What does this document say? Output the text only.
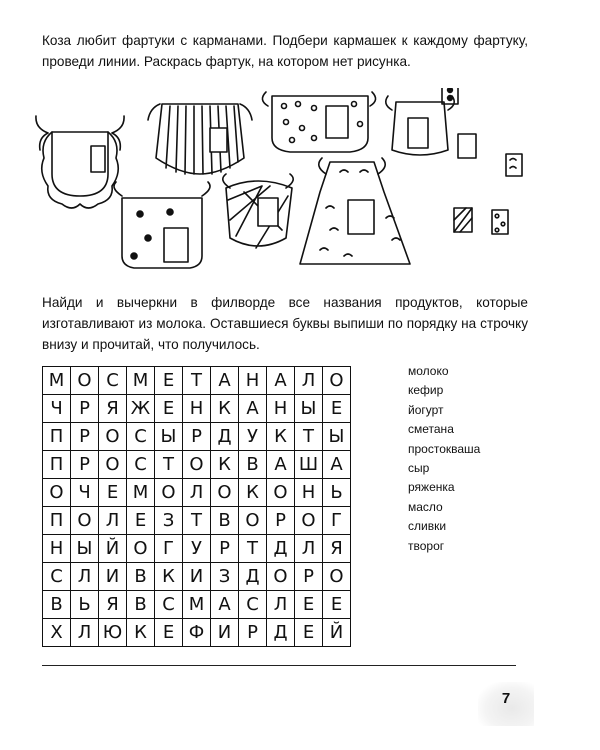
Коза любит фартуки с карманами. Подбери кармашек к каждому фартуку, проведи линии. Раскрась фартук, на котором нет рисунка.

Найди и вычеркни в филворде все названия продуктов, которые изготавливают из молока. Оставшиеся буквы выпиши по порядку на строчку внизу и прочитай, что получилось.

М	О	С	М	Е	Т	А	Н	А	Л	О
Ч	Р	Я	Ж	Е	Н	К	А	Н	Ы	Е
П	Р	О	С	Ы	Р	Д	У	К	Т	Ы
П	Р	О	С	Т	О	К	В	А	Ш	А
О	Ч	Е	М	О	Л	О	К	О	Н	Ь
П	О	Л	Е	З	Т	В	О	Р	О	Г
Н	Ы	Й	О	Г	У	Р	Т	Д	Л	Я
С	Л	И	В	К	И	З	Д	О	Р	О
В	Ь	Я	В	С	М	А	С	Л	Е	Е
Х	Л	Ю	К	Е	Ф	И	Р	Д	Е	Й
молоко
кефир
йогурт
сметана
простокваша
сыр
ряженка
масло
сливки
творог
7
